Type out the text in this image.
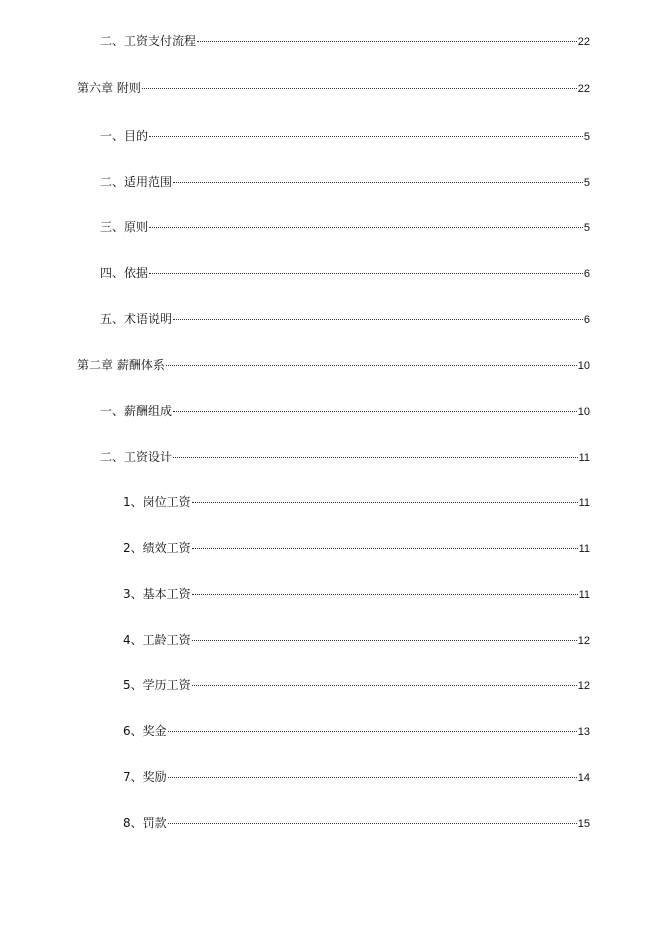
二、工资支付流程	22
第六章 附则	22
一、目的	5
二、适用范围	5
三、原则	5
四、依据	6
五、术语说明	6
第二章 薪酬体系	10
一、薪酬组成	10
二、工资设计	11
1、岗位工资	11
2、绩效工资	11
3、基本工资	11
4、工龄工资	12
5、学历工资	12
6、奖金	13
7、奖励	14
8、罚款	15
